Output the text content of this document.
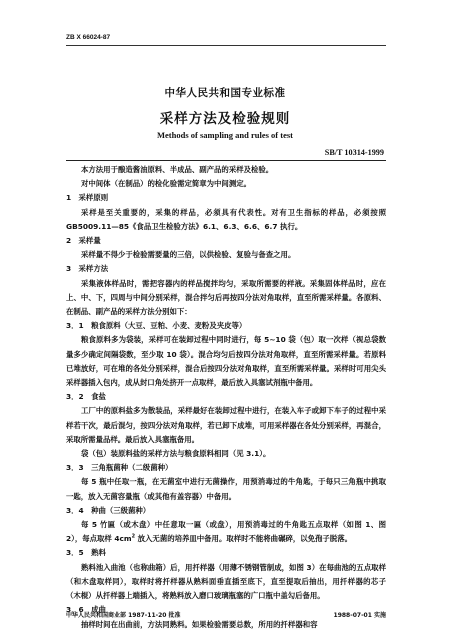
ZB X 66024-87
中华人民共和国专业标准
采样方法及检验规则
Methods of sampling and rules of test
SB/T 10314-1999

本方法用于酿造酱油原料、半成品、副产品的采样及检验。

对中间体（在制品）的检化验需定简章为中间测定。

1　采样原则

采样是至关重要的，采集的样品，必须具有代表性。对有卫生指标的样品，必须按照 GB5009.11—85《食品卫生检验方法》6.1、6.3、6.6、6.7 执行。

2　采样量

采样量不得少于检验需要量的三倍，以供检验、复验与备查之用。

3　采样方法

采集液体样品时，需把容器内的样品搅拌均匀，采取所需要的样液。采集固体样品时，应在上、中、下，四周与中间分别采样，混合拌匀后再按四分法对角取样，直至所需采样量。各原料、在制品、副产品的采样方法分别如下：

3．1　粮食原料（大豆、豆粕、小麦、麦粉及夹皮等）

粮食原料多为袋装，采样可在装卸过程中同时进行，每 5~10 袋（包）取一次样（视总袋数量多少确定间隔袋数，至少取 10 袋）。混合均匀后按四分法对角取样，直至所需采样量。若原料已堆放好，可在堆的各处分别采样，混合后按四分法对角取样，直至所需采样量。采样时可用尖头采样器插入包内，成从封口角处挤开一点取样，最后放入具塞试剂瓶中备用。

3．2　食盐

工厂中的原料盐多为散装品，采样最好在装卸过程中进行，在装入车子或卸下车子的过程中采样若干次，最后混匀，按四分法对角取样，若已卸下成堆，可用采样器在各处分别采样，再混合，采取所需量品样。最后放入具塞瓶备用。

袋（包）装原料盐的采样方法与粮食原料相同（见 3.1）。

3．3　三角瓶菌种（二级菌种）

每 5 瓶中任取一瓶，在无菌室中进行无菌操作，用预消毒过的牛角匙，于每只三角瓶中挑取一匙，放入无菌容量瓶（或其他有盖容器）中备用。

3．4　种曲（三级菌种）

每 5 竹匾（或木盘）中任意取一匾（或盘），用预消毒过的牛角匙五点取样（如图 1、图 2），每点取样 $4cm^2$ 放入无菌的培养皿中备用。取样时不能将曲碾碎，以免孢子脱落。

3．5　熟料

熟料池入曲池（也称曲箱）后，用扦样器（用薄不锈钢管制成，如图 3）在每曲池的五点取样（和木盘取样同），取样时将扦样器从熟料面垂直插至底下，直至提取后抽出，用扦样器的芯子（木棍）从扦样器上端插入，将熟料放入磨口玻璃瓶塞的广口瓶中盖勾后备用。

3．6　成曲

抽样时间在出曲前，方法同熟料。如果检验需要总数，所用的扦样器和容

中华人民共和国商业部 1987-11-20 批准	1988-07-01 实施
